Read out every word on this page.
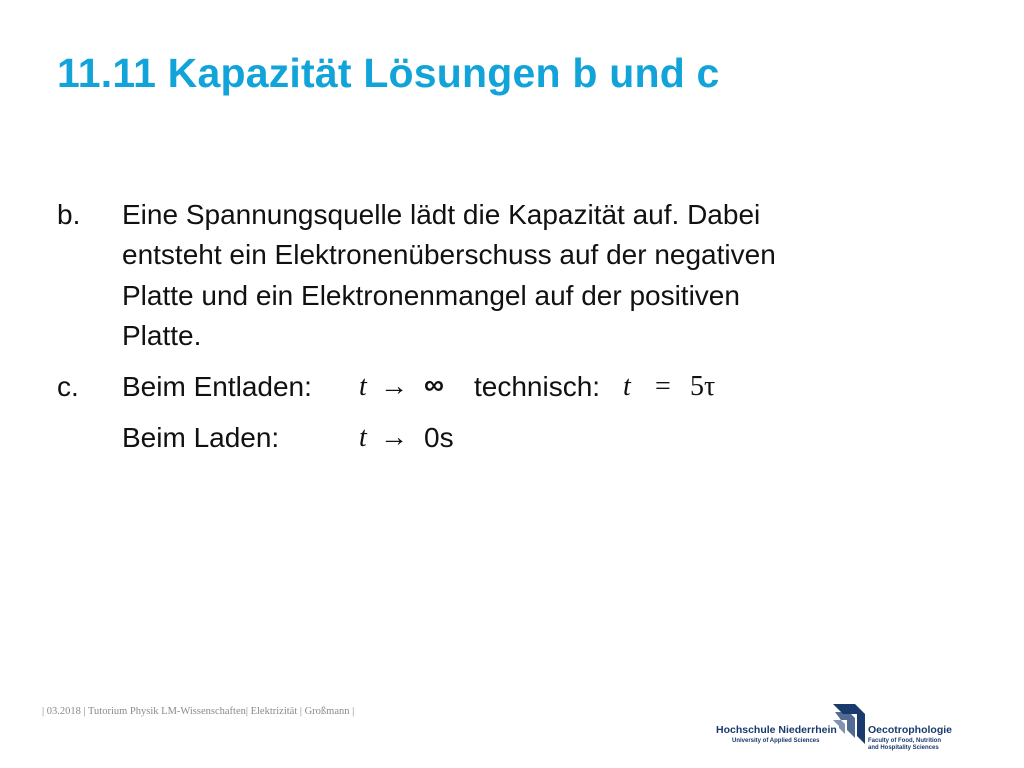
11.11 Kapazität Lösungen b und c
b. Eine Spannungsquelle lädt die Kapazität auf. Dabei
entsteht ein Elektronenüberschuss auf der negativen
Platte und ein Elektronenmangel auf der positiven
Platte.
c. Beim Entladen: t → ∞ technisch: t = 5τ
Beim Laden:	t → 0s
| 03.2018 | Tutorium Physik LM-Wissenschaften| Elektrizität | Großmann |
Hochschule Niederrhein
University of Applied Sciences
Oecotrophologie
Faculty of Food, Nutrition
and Hospitality Sciences
